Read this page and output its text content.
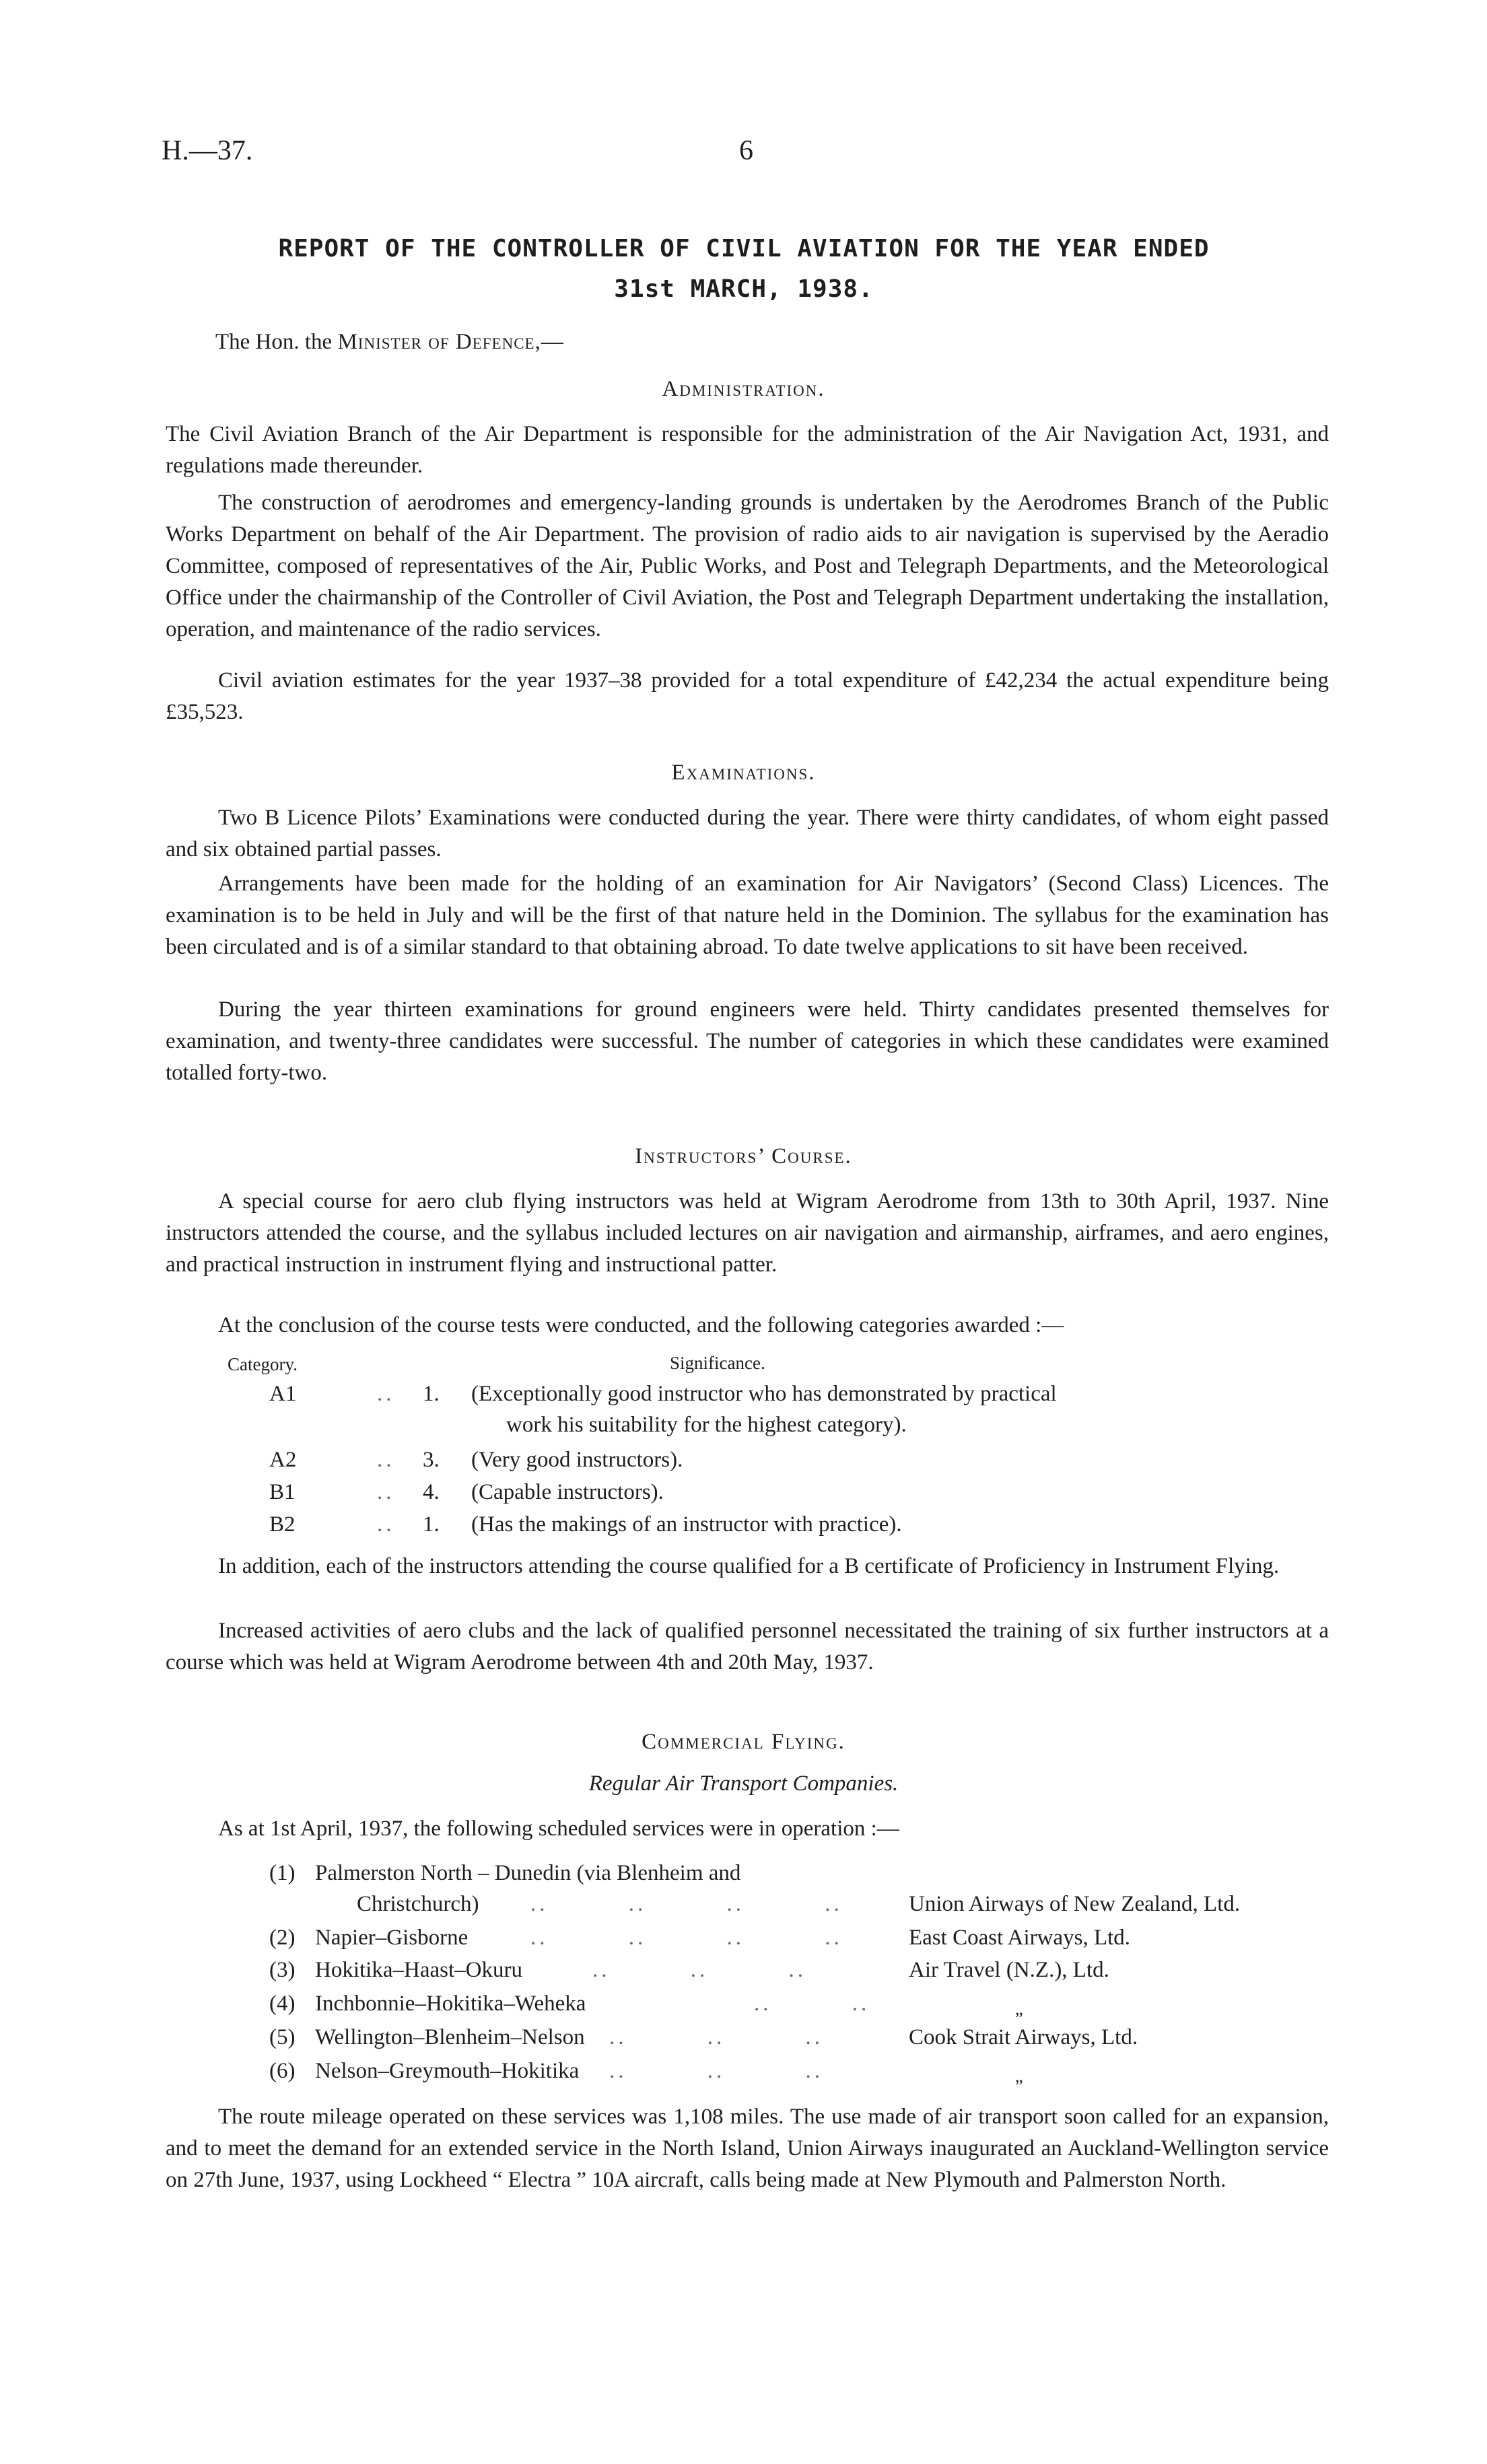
H.—37.	6
REPORT OF THE CONTROLLER OF CIVIL AVIATION FOR THE YEAR ENDED
31st MARCH, 1938.
The Hon. the Minister of Defence,—
Administration.

The Civil Aviation Branch of the Air Department is responsible for the administration of the Air Navigation Act, 1931, and regulations made thereunder.

The construction of aerodromes and emergency-landing grounds is undertaken by the Aerodromes Branch of the Public Works Department on behalf of the Air Department. The provision of radio aids to air navigation is supervised by the Aeradio Committee, composed of representatives of the Air, Public Works, and Post and Telegraph Departments, and the Meteorological Office under the chairmanship of the Controller of Civil Aviation, the Post and Telegraph Department undertaking the installation, operation, and maintenance of the radio services.

Civil aviation estimates for the year 1937–38 provided for a total expenditure of £42,234 the actual expenditure being £35,523.

Examinations.

Two B Licence Pilots’ Examinations were conducted during the year. There were thirty candidates, of whom eight passed and six obtained partial passes.

Arrangements have been made for the holding of an examination for Air Navigators’ (Second Class) Licences. The examination is to be held in July and will be the first of that nature held in the Dominion. The syllabus for the examination has been circulated and is of a similar standard to that obtaining abroad. To date twelve applications to sit have been received.

During the year thirteen examinations for ground engineers were held. Thirty candidates presented themselves for examination, and twenty-three candidates were successful. The number of categories in which these candidates were examined totalled forty-two.

Instructors’ Course.

A special course for aero club flying instructors was held at Wigram Aerodrome from 13th to 30th April, 1937. Nine instructors attended the course, and the syllabus included lectures on air navigation and airmanship, airframes, and aero engines, and practical instruction in instrument flying and instructional patter.

At the conclusion of the course tests were conducted, and the following categories awarded :—

Category.	Significance.
A1	.. 1. (Exceptionally good instructor who has demonstrated by practical
work his suitability for the highest category).
A2	.. 3. (Very good instructors).
B1	.. 4. (Capable instructors).
B2	.. 1. (Has the makings of an instructor with practice).

In addition, each of the instructors attending the course qualified for a B certificate of Proficiency in Instrument Flying.

Increased activities of aero clubs and the lack of qualified personnel necessitated the training of six further instructors at a course which was held at Wigram Aerodrome between 4th and 20th May, 1937.

Commercial Flying.
Regular Air Transport Companies.

As at 1st April, 1937, the following scheduled services were in operation :—

(1) Palmerston North – Dunedin (via Blenheim and
Christchurch) ..         ..         ..         ..	Union Airways of New Zealand, Ltd.
(2) Napier–Gisborne	..         ..         ..         ..	East Coast Airways, Ltd.
(3) Hokitika–Haast–Okuru	..         ..         ..	Air Travel (N.Z.), Ltd.
(4) Inchbonnie–Hokitika–Weheka	..         ..	„
(5) Wellington–Blenheim–Nelson ..         ..         ..	Cook Strait Airways, Ltd.
(6) Nelson–Greymouth–Hokitika ..         ..         ..	„

The route mileage operated on these services was 1,108 miles. The use made of air transport soon called for an expansion, and to meet the demand for an extended service in the North Island, Union Airways inaugurated an Auckland-Wellington service on 27th June, 1937, using Lockheed “ Electra ” 10A aircraft, calls being made at New Plymouth and Palmerston North.
